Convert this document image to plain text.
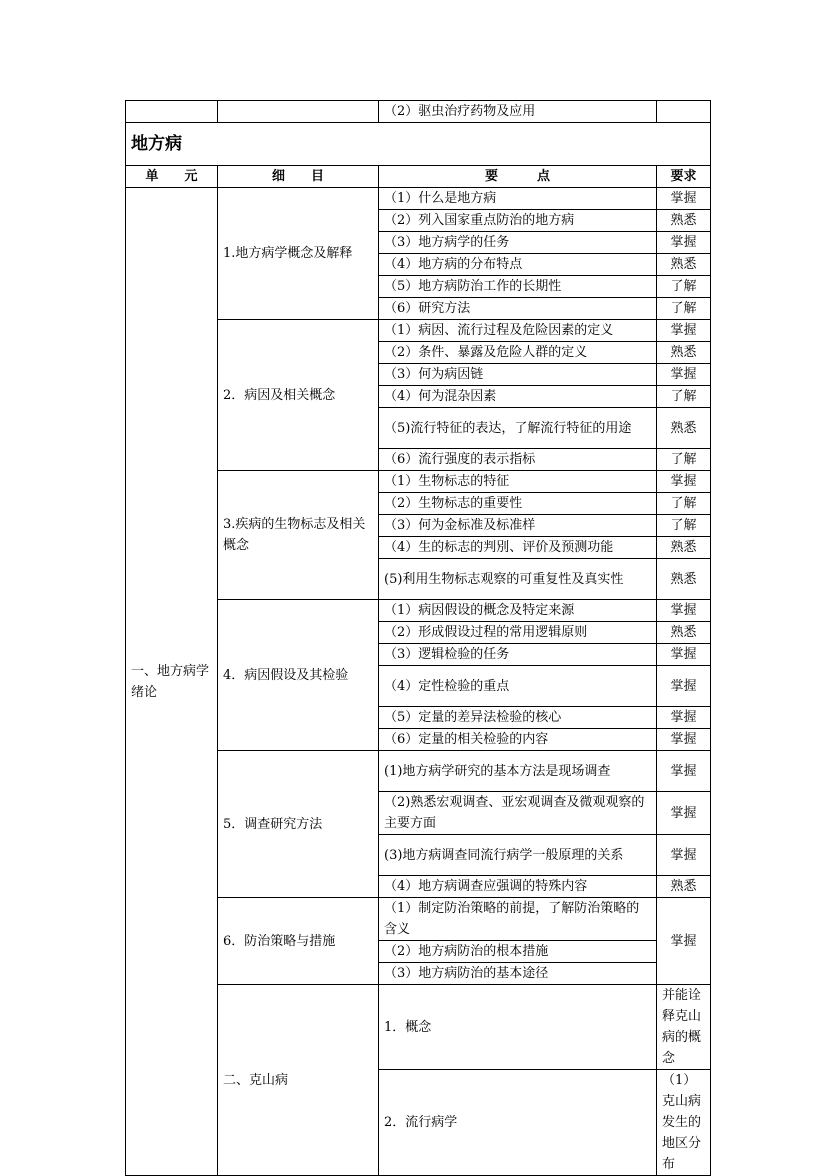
		（2）驱虫治疗药物及应用		
地方病				
单　　元	细　　目	要　　　点	要求	
一、地方病学绪论	1.地方病学概念及解释	（1）什么是地方病	掌握	
		（2）列入国家重点防治的地方病	熟悉	
		（3）地方病学的任务	掌握	
		（4）地方病的分布特点	熟悉	
		（5）地方病防治工作的长期性	了解	
		（6）研究方法	了解	
	2．病因及相关概念	（1）病因、流行过程及危险因素的定义	掌握	
		（2）条件、暴露及危险人群的定义	熟悉	
		（3）何为病因链	掌握	
		（4）何为混杂因素	了解	
		（5)流行特征的表达，了解流行特征的用途	熟悉	
		（6）流行强度的表示指标	了解	
	3.疾病的生物标志及相关概念	（1）生物标志的特征	掌握	
		（2）生物标志的重要性	了解	
		（3）何为金标准及标准样	了解	
		（4）生的标志的判別、评价及预测功能	熟悉	
		(5)利用生物标志观察的可重复性及真实性	熟悉	
	4．病因假设及其检验	（1）病因假设的概念及特定来源	掌握	
		（2）形成假设过程的常用逻辑原则	熟悉	
		（3）逻辑检验的任务	掌握	
		（4）定性检验的重点	掌握	
		（5）定量的差异法检验的核心	掌握	
		（6）定量的相关检验的内容	掌握	
	5．调查研究方法	(1)地方病学研究的基本方法是现场调查	掌握	
		（2)熟悉宏观调查、亚宏观调查及微观观察的主要方面	掌握	
		(3)地方病调查同流行病学一般原理的关系	掌握	
		（4）地方病调查应强调的特殊内容	熟悉	
	6．防治策略与措施	（1）制定防治策略的前提，了解防治策略的含义	掌握	
		（2）地方病防治的根本措施		
		（3）地方病防治的基本途径		
	二、克山病	1．概念	并能诠释克山病的概念	
		2．流行病学	（1）克山病发生的地区分布	
